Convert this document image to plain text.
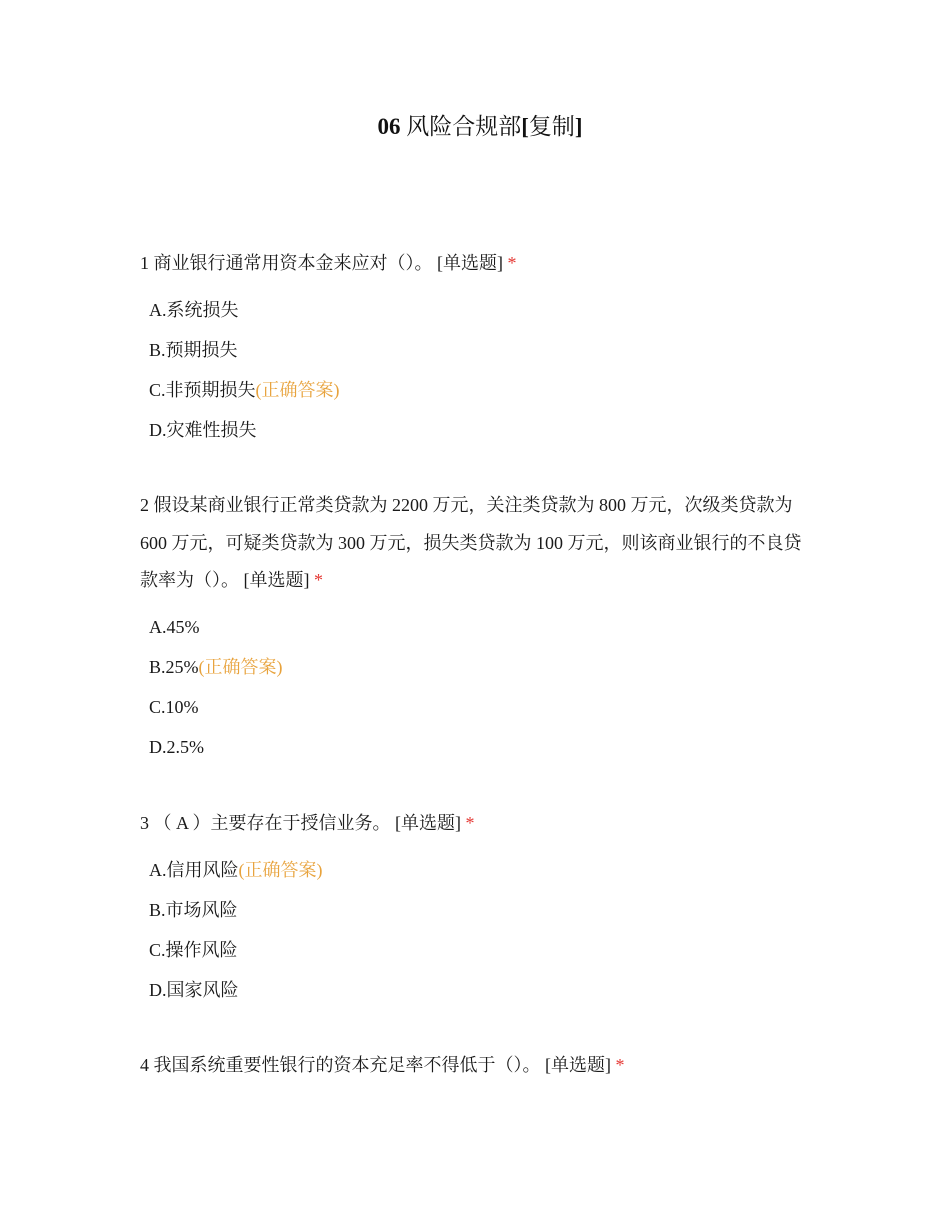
06 风险合规部[复制]

1 商业银行通常用资本金来应对（）。 [单选题] *

A.系统损失
B.预期损失
C.非预期损失(正确答案)
D.灾难性损失

2 假设某商业银行正常类贷款为 2200 万元，关注类贷款为 800 万元，次级类贷款为 600 万元，可疑类贷款为 300 万元，损失类贷款为 100 万元，则该商业银行的不良贷款率为（）。 [单选题] *

A.45%
B.25%(正确答案)
C.10%
D.2.5%

3 （ A ）主要存在于授信业务。 [单选题] *

A.信用风险(正确答案)
B.市场风险
C.操作风险
D.国家风险

4 我国系统重要性银行的资本充足率不得低于（）。 [单选题] *
